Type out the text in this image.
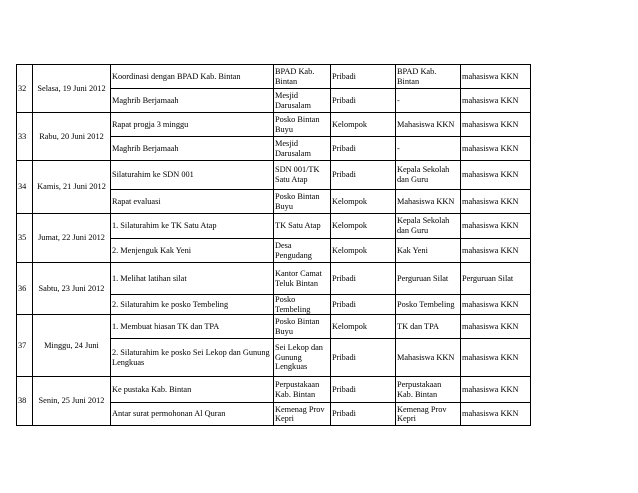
32	Selasa, 19 Juni 2012	Koordinasi dengan BPAD Kab. Bintan	BPAD Kab. Bintan	Pribadi	BPAD Kab. Bintan	mahasiswa KKN
		Maghrib Berjamaah	Mesjid Darusalam	Pribadi	-	mahasiswa KKN
33	Rabu, 20 Juni 2012	Rapat progja 3 minggu	Posko Bintan Buyu	Kelompok	Mahasiswa KKN	mahasiswa KKN
		Maghrib Berjamaah	Mesjid Darusalam	Pribadi	-	mahasiswa KKN
34	Kamis, 21 Juni 2012	Silaturahim ke SDN 001	SDN 001/TK Satu Atap	Pribadi	Kepala Sekolah dan Guru	mahasiswa KKN
		Rapat evaluasi	Posko Bintan Buyu	Kelompok	Mahasiswa KKN	mahasiswa KKN
35	Jumat, 22 Juni 2012	1. Silaturahim ke TK Satu Atap	TK Satu Atap	Kelompok	Kepala Sekolah dan Guru	mahasiswa KKN
		2. Menjenguk Kak Yeni	Desa Pengudang	Kelompok	Kak Yeni	mahasiswa KKN
36	Sabtu, 23 Juni 2012	1. Melihat latihan silat	Kantor Camat Teluk Bintan	Pribadi	Perguruan Silat	Perguruan Silat
		2. Silaturahim ke posko Tembeling	Posko Tembeling	Pribadi	Posko Tembeling	mahasiswa KKN
37	Minggu, 24 Juni	1. Membuat hiasan TK dan TPA	Posko Bintan Buyu	Kelompok	TK dan TPA	mahasiswa KKN
		2. Silaturahim ke posko Sei Lekop dan Gunung Lengkuas	Sei Lekop dan Gunung Lengkuas	Pribadi	Mahasiswa KKN	mahasiswa KKN
38	Senin, 25 Juni 2012	Ke pustaka Kab. Bintan	Perpustakaan Kab. Bintan	Pribadi	Perpustakaan Kab. Bintan	mahasiswa KKN
		Antar surat permohonan Al Quran	Kemenag Prov Kepri	Pribadi	Kemenag Prov Kepri	mahasiswa KKN
